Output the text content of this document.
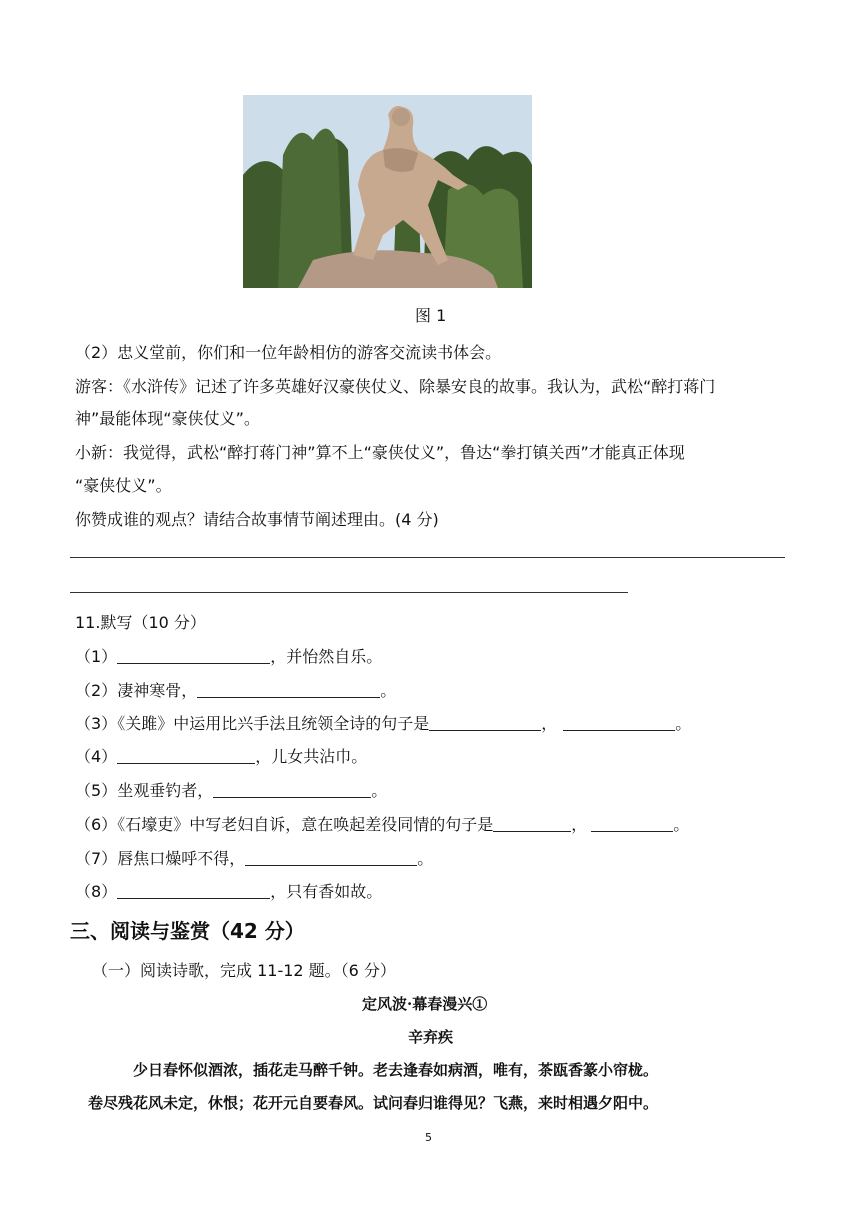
图 1
（2）忠义堂前，你们和一位年龄相仿的游客交流读书体会。
游客：《水浒传》记述了许多英雄好汉豪侠仗义、除暴安良的故事。我认为，武松“醉打蒋门
神”最能体现“豪侠仗义”。
小新：我觉得，武松“醉打蒋门神”算不上“豪侠仗义”，鲁达“拳打镇关西”才能真正体现
“豪侠仗义”。
你赞成谁的观点？请结合故事情节阐述理由。(4 分)
11.默写（10 分）
（1）	，并怡然自乐。
（2）凄神寒骨，	。
（3）《关雎》中运用比兴手法且统领全诗的句子是	，	。
（4）	，儿女共沾巾。
（5）坐观垂钓者，	。
（6）《石壕吏》中写老妇自诉，意在唤起差役同情的句子是	，	。
（7）唇焦口燥呼不得，	。
（8）	，只有香如故。
三、阅读与鉴赏（42 分）
（一）阅读诗歌，完成 11-12 题。（6 分）
定风波·幕春漫兴①
辛弃疾
少日春怀似酒浓，插花走马醉千钟。老去逢春如病酒，唯有，茶瓯香篆小帘栊。
卷尽残花风未定，休恨；花开元自要春风。试问春归谁得见？飞燕，来时相遇夕阳中。
5
